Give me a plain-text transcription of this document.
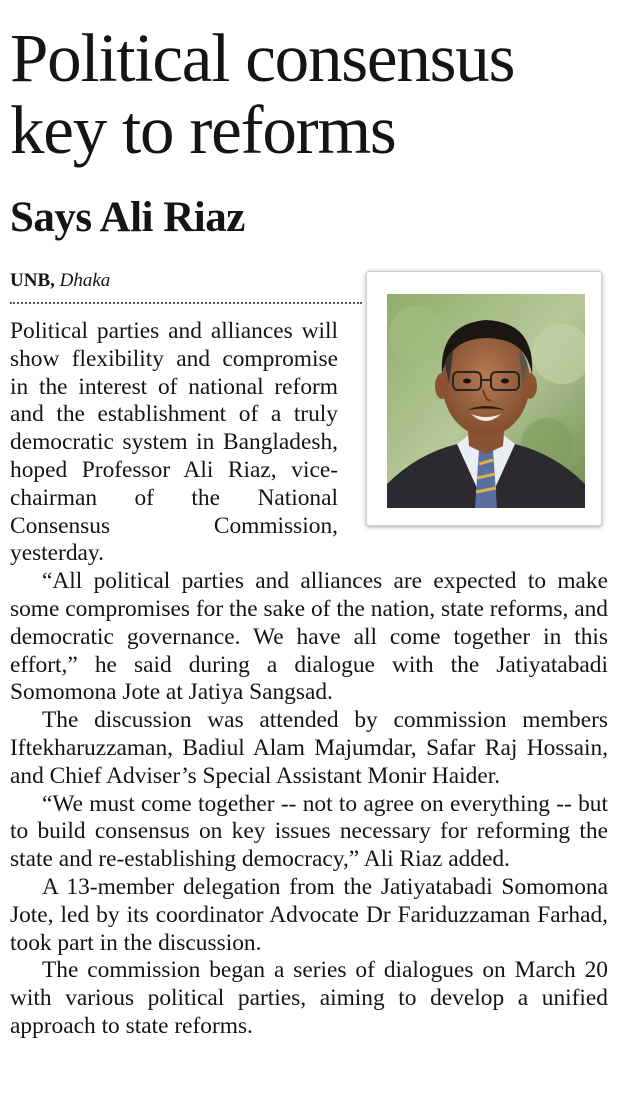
Political consensus
key to reforms
Says Ali Riaz
UNB, Dhaka

Political parties and alliances will show flexibility and compromise in the interest of national reform and the establishment of a truly democratic system in Bangladesh, hoped Professor Ali Riaz, vice-chairman of the National Consensus Commission, yesterday.

“All political parties and alliances are expected to make some compromises for the sake of the nation, state reforms, and democratic governance. We have all come together in this effort,” he said during a dialogue with the Jatiyatabadi Somomona Jote at Jatiya Sangsad.

The discussion was attended by commission members Iftekharuzzaman, Badiul Alam Majumdar, Safar Raj Hossain, and Chief Adviser’s Special Assistant Monir Haider.

“We must come together -- not to agree on everything -- but to build consensus on key issues necessary for reforming the state and re-establishing democracy,” Ali Riaz added.

A 13-member delegation from the Jatiyatabadi Somomona Jote, led by its coordinator Advocate Dr Fariduzzaman Farhad, took part in the discussion.

The commission began a series of dialogues on March 20 with various political parties, aiming to develop a unified approach to state reforms.
